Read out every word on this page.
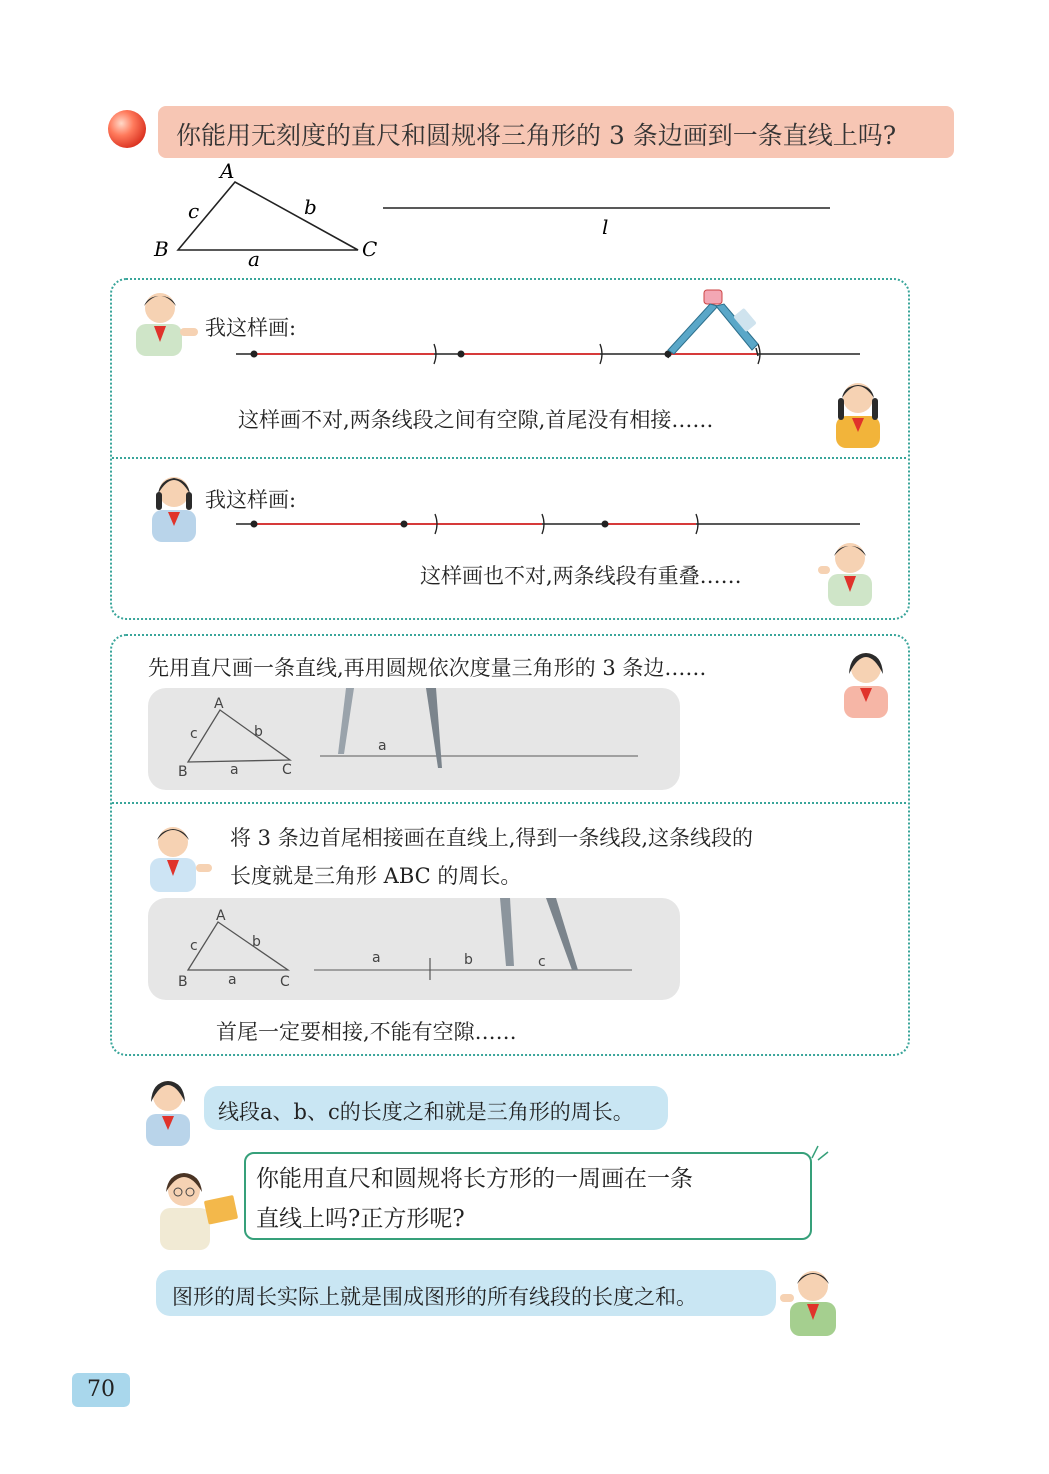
你能用无刻度的直尺和圆规将三角形的 3 条边画到一条直线上吗?
A
B	C
c	b
a
l
我这样画:
这样画不对,两条线段之间有空隙,首尾没有相接……
我这样画:
这样画也不对,两条线段有重叠……
先用直尺画一条直线,再用圆规依次度量三角形的 3 条边……
A
B	C
c	b
a
a
将 3 条边首尾相接画在直线上,得到一条线段,这条线段的
长度就是三角形 ABC 的周长。
A
B	C
c	b
a
a	b	c
首尾一定要相接,不能有空隙……
线段a、b、c的长度之和就是三角形的周长。
你能用直尺和圆规将长方形的一周画在一条
直线上吗?正方形呢?
图形的周长实际上就是围成图形的所有线段的长度之和。
70
